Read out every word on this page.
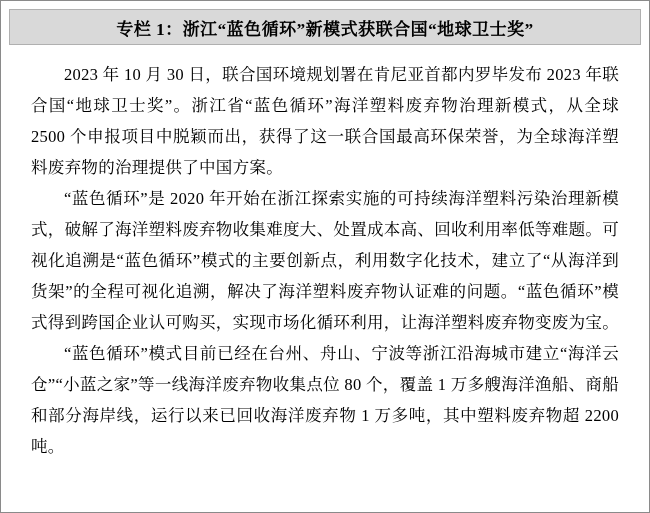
专栏 1：浙江“蓝色循环”新模式获联合国“地球卫士奖”

2023 年 10 月 30 日，联合国环境规划署在肯尼亚首都内罗毕发布 2023 年联合国“地球卫士奖”。浙江省“蓝色循环”海洋塑料废弃物治理新模式，从全球 2500 个申报项目中脱颖而出，获得了这一联合国最高环保荣誉，为全球海洋塑料废弃物的治理提供了中国方案。

“蓝色循环”是 2020 年开始在浙江探索实施的可持续海洋塑料污染治理新模式，破解了海洋塑料废弃物收集难度大、处置成本高、回收利用率低等难题。可视化追溯是“蓝色循环”模式的主要创新点，利用数字化技术，建立了“从海洋到货架”的全程可视化追溯，解决了海洋塑料废弃物认证难的问题。“蓝色循环”模式得到跨国企业认可购买，实现市场化循环利用，让海洋塑料废弃物变废为宝。

“蓝色循环”模式目前已经在台州、舟山、宁波等浙江沿海城市建立“海洋云仓”“小蓝之家”等一线海洋废弃物收集点位 80 个，覆盖 1 万多艘海洋渔船、商船和部分海岸线，运行以来已回收海洋废弃物 1 万多吨，其中塑料废弃物超 2200 吨。
